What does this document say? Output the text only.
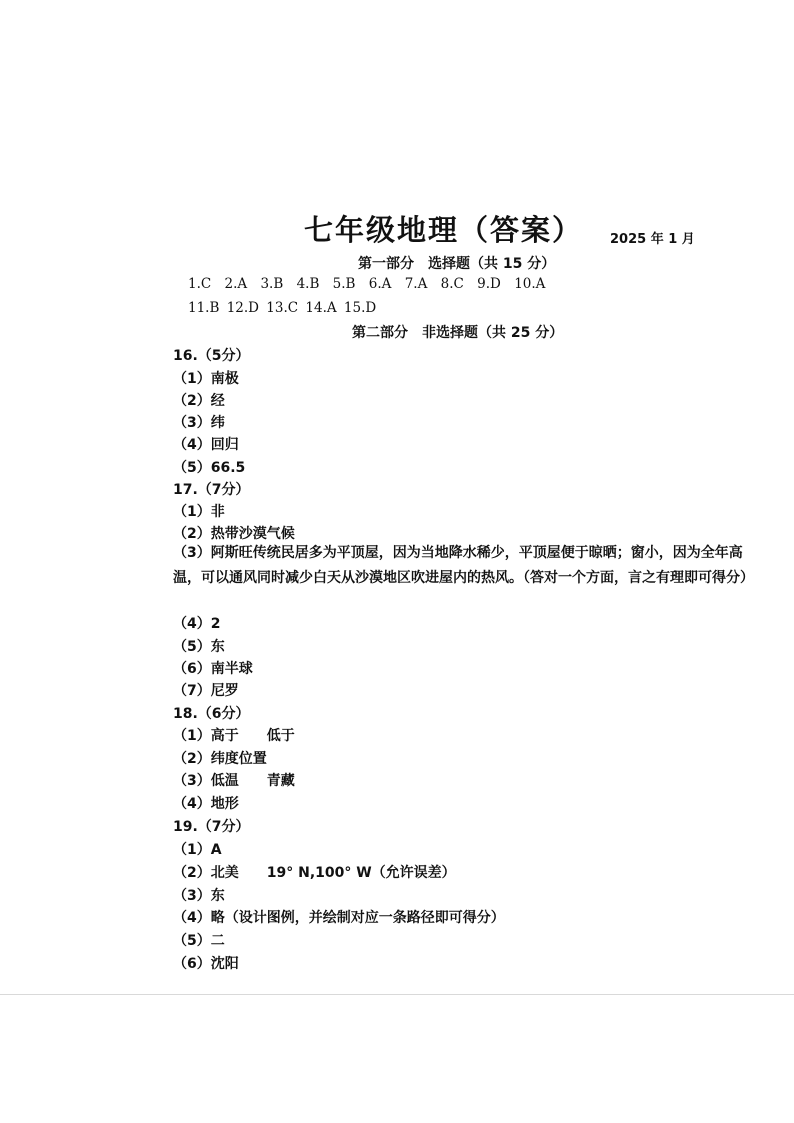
七年级地理（答案） 2025 年 1 月
第一部分　选择题（共 15 分）
1.C 2.A 3.B 4.B 5.B 6.A 7.A 8.C 9.D 10.A
11.B 12.D 13.C 14.A 15.D
第二部分　非选择题（共 25 分）
16.（5分）
（1）南极
（2）经
（3）纬
（4）回归
（5）66.5
17.（7分）
（1）非
（2）热带沙漠气候
（3）阿斯旺传统民居多为平顶屋，因为当地降水稀少，平顶屋便于晾晒；窗小，因为全年高温，可以通风同时减少白天从沙漠地区吹进屋内的热风。（答对一个方面，言之有理即可得分）
（4）2
（5）东
（6）南半球
（7）尼罗
18.（6分）
（1）高于　　低于
（2）纬度位置
（3）低温　　青藏
（4）地形
19.（7分）
（1）A
（2）北美　　19° N,100° W（允许误差）
（3）东
（4）略（设计图例，并绘制对应一条路径即可得分）
（5）二
（6）沈阳
